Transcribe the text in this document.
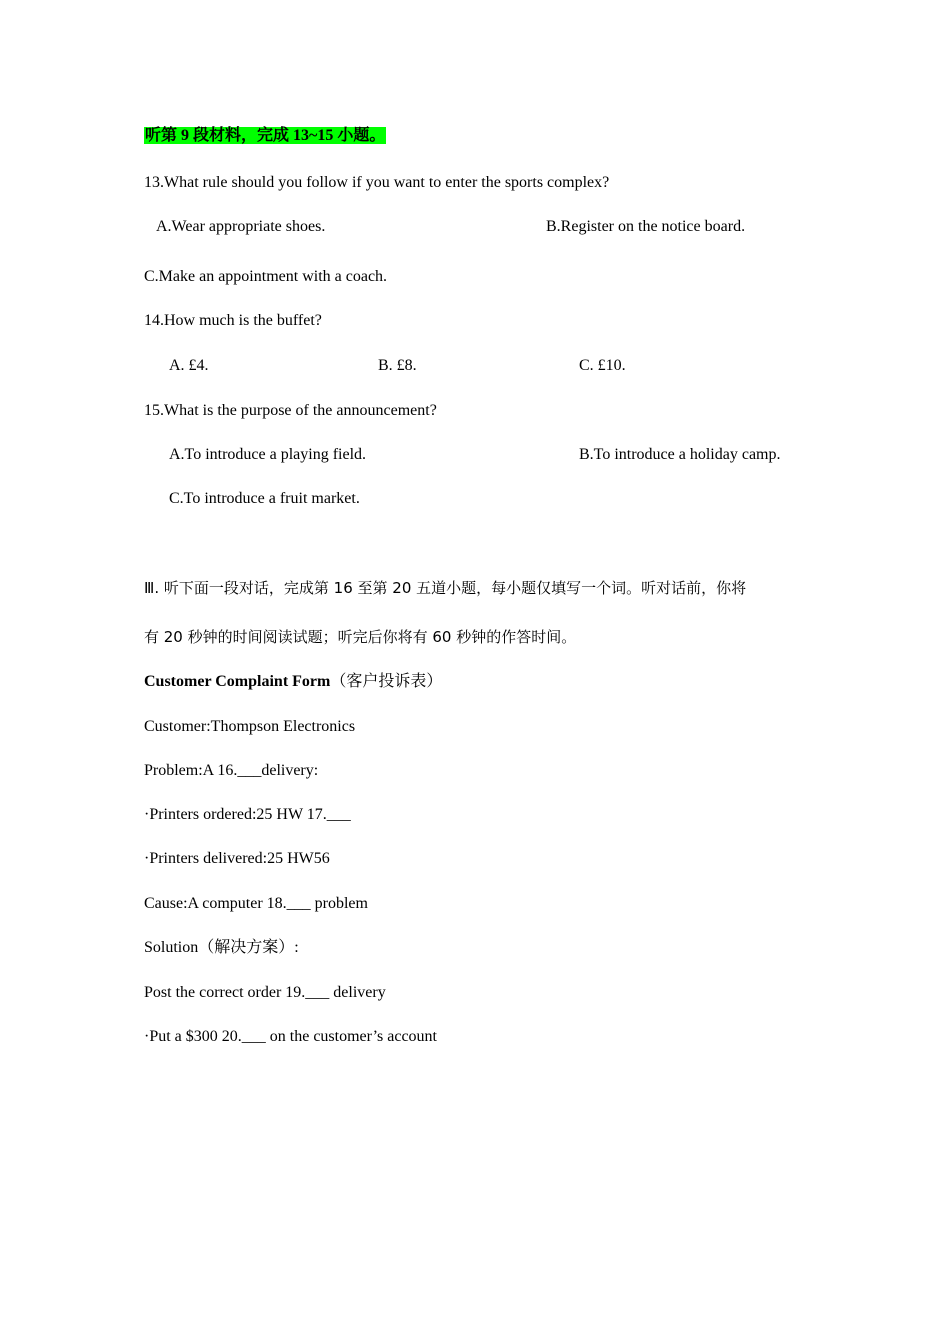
听第 9 段材料，完成 13~15 小题。
13.What rule should you follow if you want to enter the sports complex?
A.Wear appropriate shoes.	B.Register on the notice board.
C.Make an appointment with a coach.
14.How much is the buffet?
A. £4.	B. £8.	C. £10.
15.What is the purpose of the announcement?
A.To introduce a playing field.	B.To introduce a holiday camp.
C.To introduce a fruit market.
Ⅲ. 听下面一段对话，完成第 16 至第 20 五道小题，每小题仅填写一个词。听对话前，你将
有 20 秒钟的时间阅读试题；听完后你将有 60 秒钟的作答时间。
Customer Complaint Form（客户投诉表）
Customer:Thompson Electronics
Problem:A 16.___delivery:
·Printers ordered:25 HW 17.___
·Printers delivered:25 HW56
Cause:A computer 18.___ problem
Solution（解决方案）:
Post the correct order 19.___ delivery
·Put a $300 20.___ on the customer’s account
